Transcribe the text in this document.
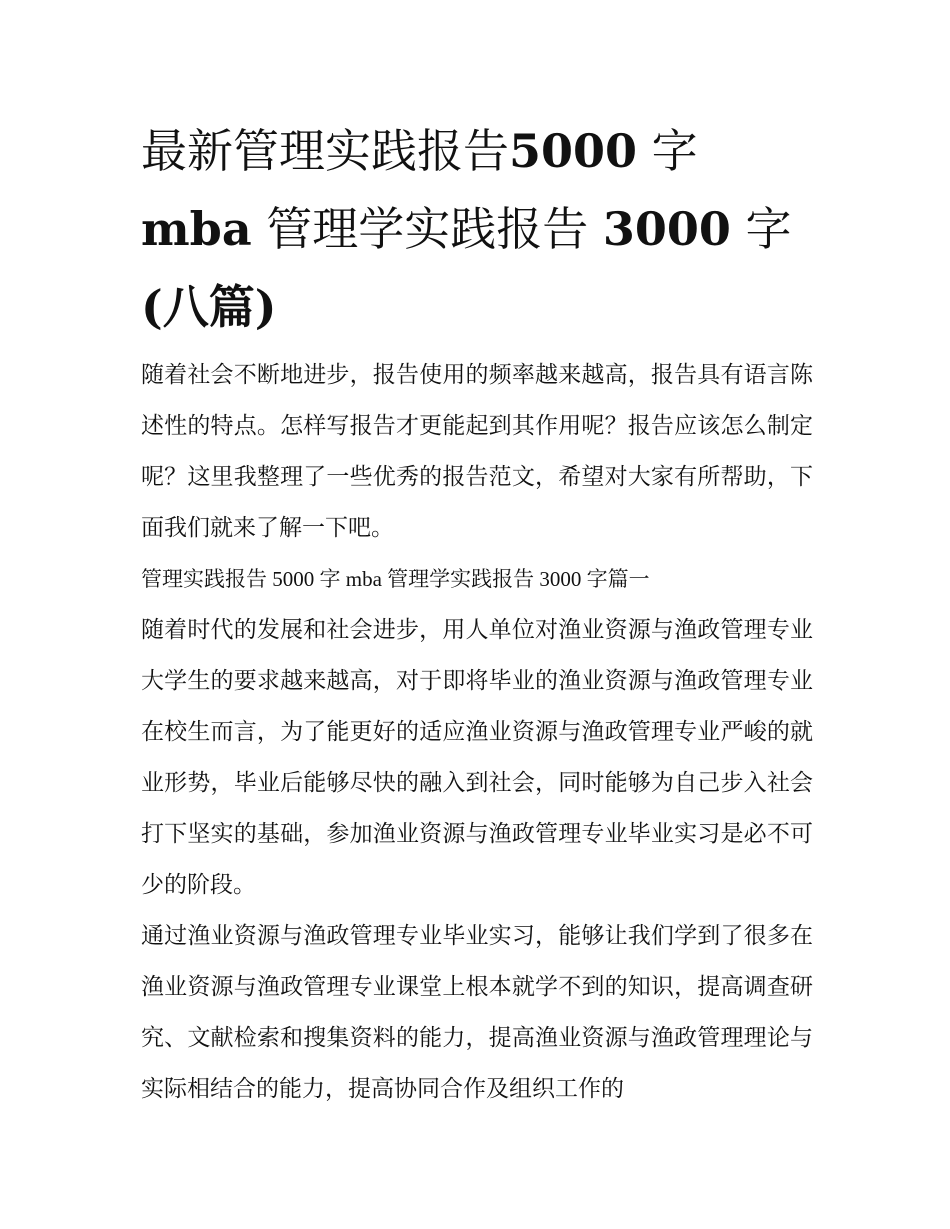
最新管理实践报告5000 字
mba 管理学实践报告 3000 字
(八篇)

随着社会不断地进步，报告使用的频率越来越高，报告具有语言陈述性的特点。怎样写报告才更能起到其作用呢？报告应该怎么制定呢？这里我整理了一些优秀的报告范文，希望对大家有所帮助，下面我们就来了解一下吧。

管理实践报告 5000 字 mba 管理学实践报告 3000 字篇一

随着时代的发展和社会进步，用人单位对渔业资源与渔政管理专业大学生的要求越来越高，对于即将毕业的渔业资源与渔政管理专业在校生而言，为了能更好的适应渔业资源与渔政管理专业严峻的就业形势，毕业后能够尽快的融入到社会，同时能够为自己步入社会打下坚实的基础，参加渔业资源与渔政管理专业毕业实习是必不可少的阶段。

通过渔业资源与渔政管理专业毕业实习，能够让我们学到了很多在渔业资源与渔政管理专业课堂上根本就学不到的知识，提高调查研究、文献检索和搜集资料的能力，提高渔业资源与渔政管理理论与实际相结合的能力，提高协同合作及组织工作的
